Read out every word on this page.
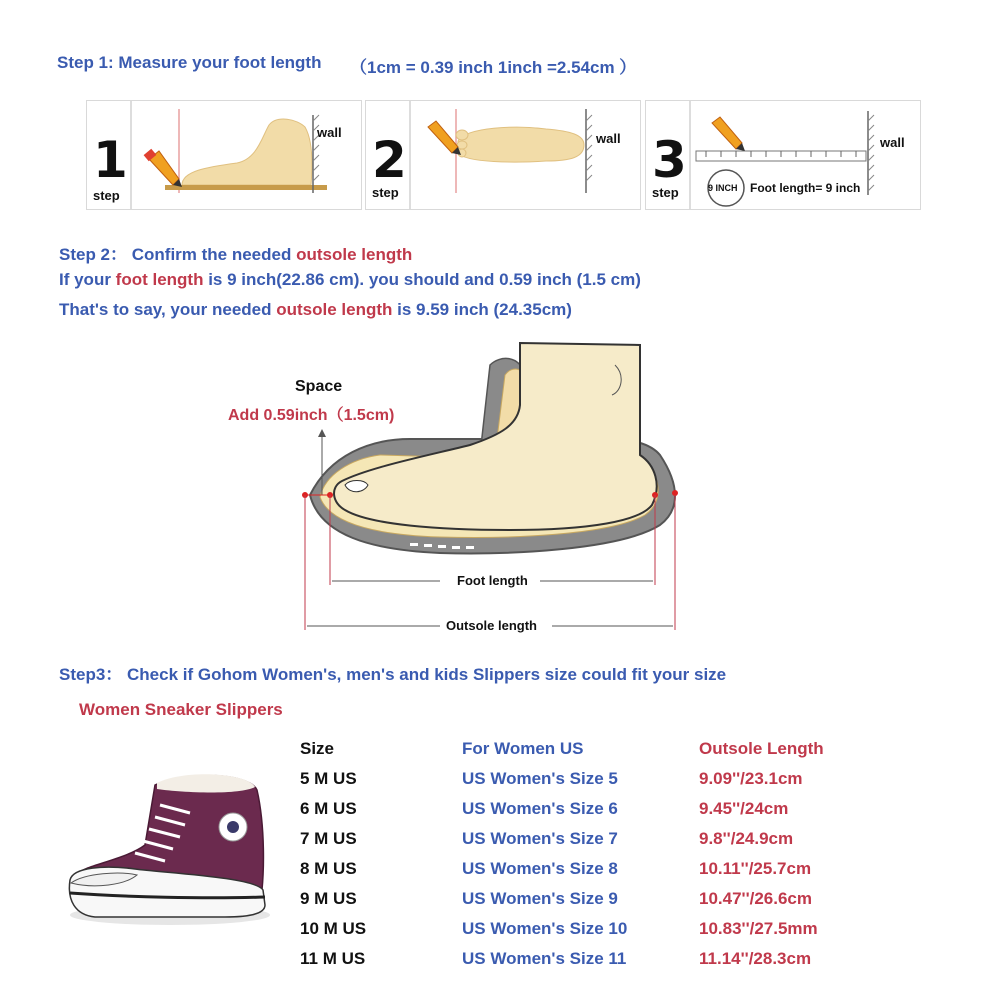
Step 1: Measure your foot length （1cm = 0.39 inch 1inch =2.54cm ）
1
step
wall 2
step
wall 3
step
wall
9 INCH Foot length= 9 inch
Step 2： Confirm the needed outsole length
If your foot length is 9 inch(22.86 cm). you should and 0.59 inch (1.5 cm)
That's to say, your needed outsole length is 9.59 inch (24.35cm)
Space
Add 0.59inch（1.5cm)
Foot length
Outsole length
Step3： Check if Gohom Women's, men's and kids Slippers size could fit your size
Women Sneaker Slippers
Size	For Women US	Outsole Length
5 M US	US Women's Size 5	9.09''/23.1cm
6 M US	US Women's Size 6	9.45''/24cm
7 M US	US Women's Size 7	9.8''/24.9cm
8 M US	US Women's Size 8	10.11''/25.7cm
9 M US	US Women's Size 9	10.47''/26.6cm
10 M US	US Women's Size 10	10.83''/27.5mm
11 M US	US Women's Size 11	11.14''/28.3cm
